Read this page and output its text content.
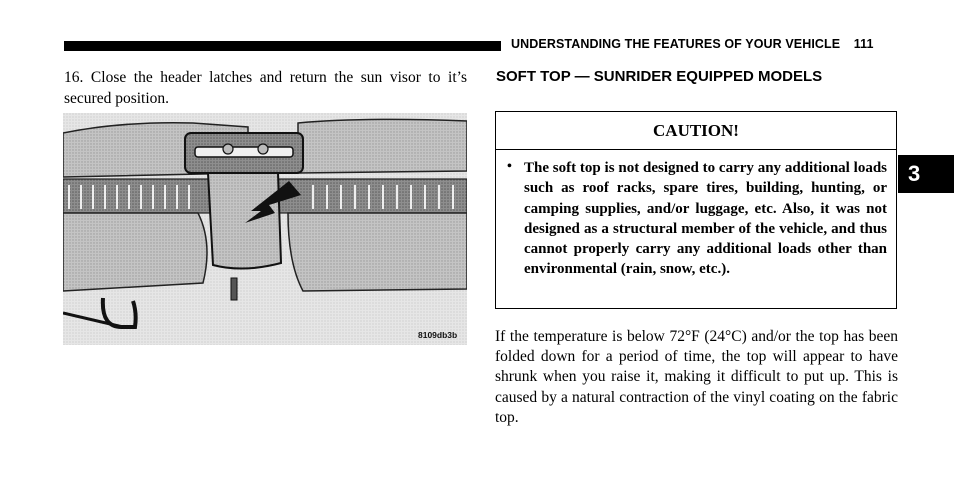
UNDERSTANDING THE FEATURES OF YOUR VEHICLE 111
16. Close the header latches and return the sun visor to it’s secured position.
8109db3b
SOFT TOP — SUNRIDER EQUIPPED MODELS
CAUTION!
• The soft top is not designed to carry any additional loads such as roof racks, spare tires, building, hunting, or camping supplies, and/or luggage, etc. Also, it was not designed as a structural member of the vehicle, and thus cannot properly carry any additional loads other than environmental (rain, snow, etc.).
3
If the temperature is below 72°F (24°C) and/or the top has been folded down for a period of time, the top will appear to have shrunk when you raise it, making it difficult to put up. This is caused by a natural contraction of the vinyl coating on the fabric top.
